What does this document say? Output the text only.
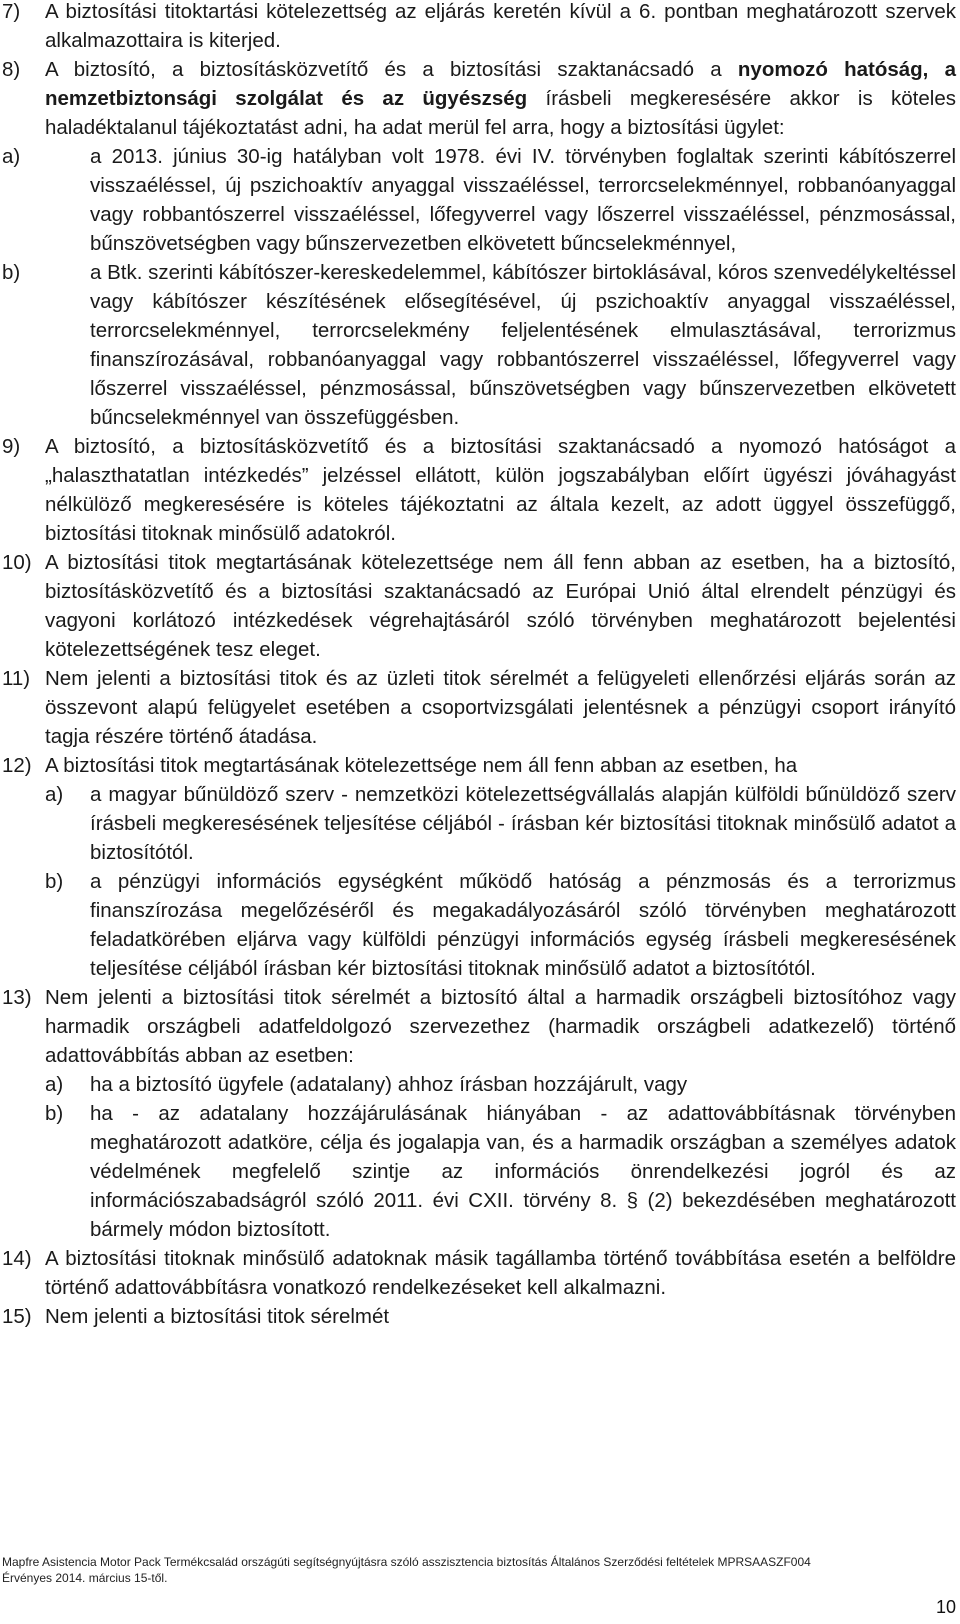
7) A biztosítási titoktartási kötelezettség az eljárás keretén kívül a 6. pontban meghatározott szervek alkalmazottaira is kiterjed.
8) A biztosító, a biztosításközvetítő és a biztosítási szaktanácsadó a nyomozó hatóság, a nemzetbiztonsági szolgálat és az ügyészség írásbeli megkeresésére akkor is köteles haladéktalanul tájékoztatást adni, ha adat merül fel arra, hogy a biztosítási ügylet:
a)	a 2013. június 30-ig hatályban volt 1978. évi IV. törvényben foglaltak szerinti kábítószerrel visszaéléssel, új pszichoaktív anyaggal visszaéléssel, terrorcselekménnyel, robbanóanyaggal vagy robbantószerrel visszaéléssel, lőfegyverrel vagy lőszerrel visszaéléssel, pénzmosással, bűnszövetségben vagy bűnszervezetben elkövetett bűncselekménnyel,
b)	a Btk. szerinti kábítószer-kereskedelemmel, kábítószer birtoklásával, kóros szenvedélykeltéssel vagy kábítószer készítésének elősegítésével, új pszichoaktív anyaggal visszaéléssel, terrorcselekménnyel, terrorcselekmény feljelentésének elmulasztásával, terrorizmus finanszírozásával, robbanóanyaggal vagy robbantószerrel visszaéléssel, lőfegyverrel vagy lőszerrel visszaéléssel, pénzmosással, bűnszövetségben vagy bűnszervezetben elkövetett bűncselekménnyel van összefüggésben.
9) A biztosító, a biztosításközvetítő és a biztosítási szaktanácsadó a nyomozó hatóságot a „halaszthatatlan intézkedés” jelzéssel ellátott, külön jogszabályban előírt ügyészi jóváhagyást nélkülöző megkeresésére is köteles tájékoztatni az általa kezelt, az adott üggyel összefüggő, biztosítási titoknak minősülő adatokról.
10) A biztosítási titok megtartásának kötelezettsége nem áll fenn abban az esetben, ha a biztosító, biztosításközvetítő és a biztosítási szaktanácsadó az Európai Unió által elrendelt pénzügyi és vagyoni korlátozó intézkedések végrehajtásáról szóló törvényben meghatározott bejelentési kötelezettségének tesz eleget.
11) Nem jelenti a biztosítási titok és az üzleti titok sérelmét a felügyeleti ellenőrzési eljárás során az összevont alapú felügyelet esetében a csoportvizsgálati jelentésnek a pénzügyi csoport irányító tagja részére történő átadása.
12) A biztosítási titok megtartásának kötelezettsége nem áll fenn abban az esetben, ha
a) a magyar bűnüldöző szerv - nemzetközi kötelezettségvállalás alapján külföldi bűnüldöző szerv írásbeli megkeresésének teljesítése céljából - írásban kér biztosítási titoknak minősülő adatot a biztosítótól.
b) a pénzügyi információs egységként működő hatóság a pénzmosás és a terrorizmus finanszírozása megelőzéséről és megakadályozásáról szóló törvényben meghatározott feladatkörében eljárva vagy külföldi pénzügyi információs egység írásbeli megkeresésének teljesítése céljából írásban kér biztosítási titoknak minősülő adatot a biztosítótól.
13) Nem jelenti a biztosítási titok sérelmét a biztosító által a harmadik országbeli biztosítóhoz vagy harmadik országbeli adatfeldolgozó szervezethez (harmadik országbeli adatkezelő) történő adattovábbítás abban az esetben:
a) ha a biztosító ügyfele (adatalany) ahhoz írásban hozzájárult, vagy
b) ha - az adatalany hozzájárulásának hiányában - az adattovábbításnak törvényben meghatározott adatköre, célja és jogalapja van, és a harmadik országban a személyes adatok védelmének megfelelő szintje az információs önrendelkezési jogról és az információszabadságról szóló 2011. évi CXII. törvény 8. § (2) bekezdésében meghatározott bármely módon biztosított.
14) A biztosítási titoknak minősülő adatoknak másik tagállamba történő továbbítása esetén a belföldre történő adattovábbításra vonatkozó rendelkezéseket kell alkalmazni.
15) Nem jelenti a biztosítási titok sérelmét
Mapfre Asistencia Motor Pack Termékcsalád országúti segítségnyújtásra szóló asszisztencia biztosítás Általános Szerződési feltételek MPRSAASZF004
Érvényes 2014. március 15-től.
10
